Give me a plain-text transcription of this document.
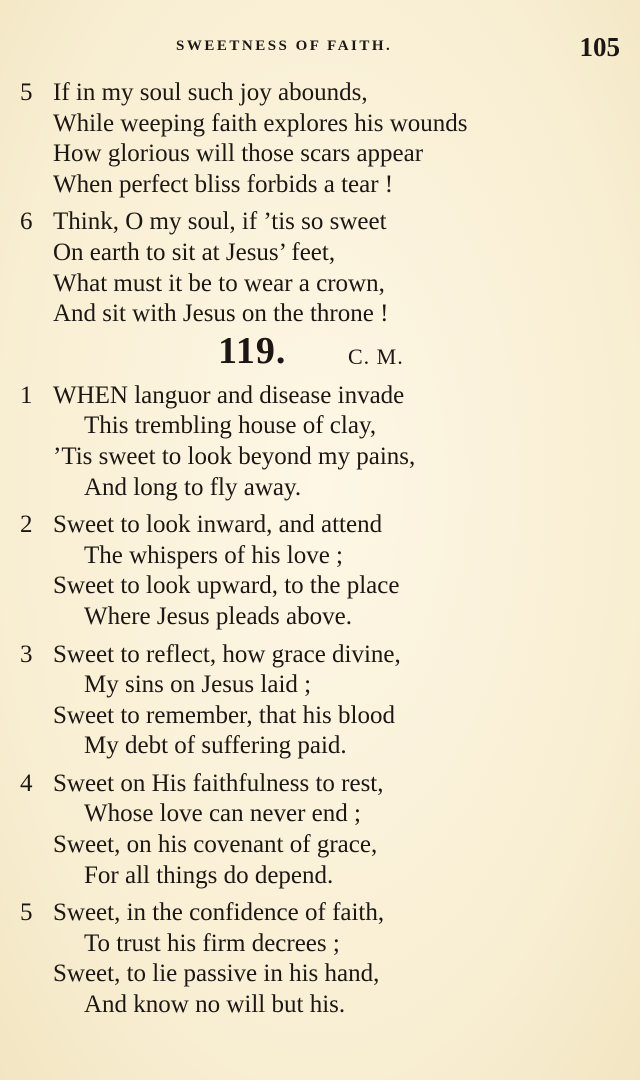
SWEETNESS OF FAITH.	105
5 If in my soul such joy abounds,
While weeping faith explores his wounds
How glorious will those scars appear
When perfect bliss forbids a tear !
6 Think, O my soul, if ’tis so sweet
On earth to sit at Jesus’ feet,
What must it be to wear a crown,
And sit with Jesus on the throne !
119.	C. M.
1 WHEN languor and disease invade
This trembling house of clay,
’Tis sweet to look beyond my pains,
And long to fly away.
2 Sweet to look inward, and attend
The whispers of his love ;
Sweet to look upward, to the place
Where Jesus pleads above.
3 Sweet to reflect, how grace divine,
My sins on Jesus laid ;
Sweet to remember, that his blood
My debt of suffering paid.
4 Sweet on His faithfulness to rest,
Whose love can never end ;
Sweet, on his covenant of grace,
For all things do depend.
5 Sweet, in the confidence of faith,
To trust his firm decrees ;
Sweet, to lie passive in his hand,
And know no will but his.
